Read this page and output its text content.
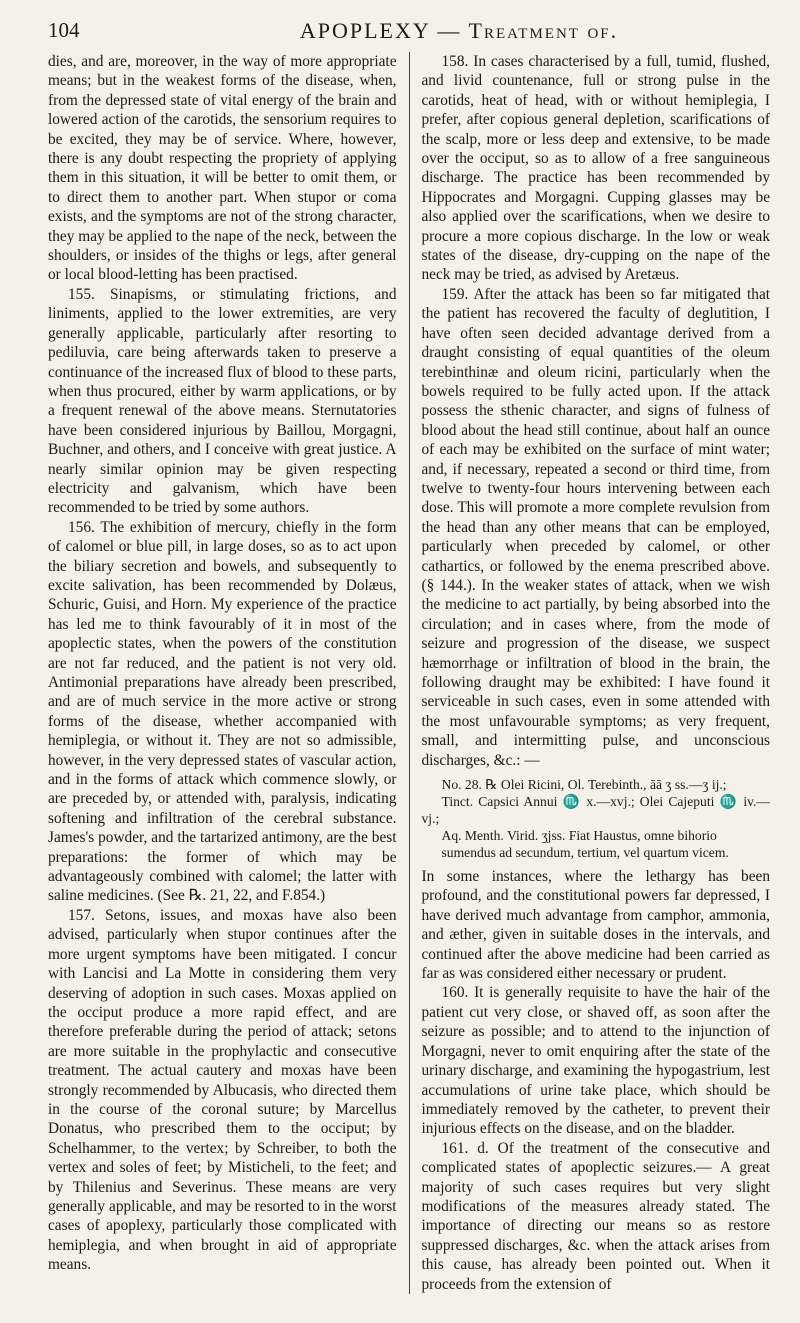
104	APOPLEXY — Treatment of.

dies, and are, moreover, in the way of more appropriate means; but in the weakest forms of the disease, when, from the depressed state of vital energy of the brain and lowered action of the carotids, the sensorium requires to be excited, they may be of service. Where, however, there is any doubt respecting the propriety of applying them in this situation, it will be better to omit them, or to direct them to another part. When stupor or coma exists, and the symptoms are not of the strong character, they may be applied to the nape of the neck, between the shoulders, or insides of the thighs or legs, after general or local blood-letting has been practised.

155. Sinapisms, or stimulating frictions, and liniments, applied to the lower extremities, are very generally applicable, particularly after resorting to pediluvia, care being afterwards taken to preserve a continuance of the increased flux of blood to these parts, when thus procured, either by warm applications, or by a frequent renewal of the above means. Sternutatories have been considered injurious by Baillou, Morgagni, Buchner, and others, and I conceive with great justice. A nearly similar opinion may be given respecting electricity and galvanism, which have been recommended to be tried by some authors.

156. The exhibition of mercury, chiefly in the form of calomel or blue pill, in large doses, so as to act upon the biliary secretion and bowels, and subsequently to excite salivation, has been recommended by Dolæus, Schuric, Guisi, and Horn. My experience of the practice has led me to think favourably of it in most of the apoplectic states, when the powers of the constitution are not far reduced, and the patient is not very old. Antimonial preparations have already been prescribed, and are of much service in the more active or strong forms of the disease, whether accompanied with hemiplegia, or without it. They are not so admissible, however, in the very depressed states of vascular action, and in the forms of attack which commence slowly, or are preceded by, or attended with, paralysis, indicating softening and infiltration of the cerebral substance. James's powder, and the tartarized antimony, are the best preparations: the former of which may be advantageously combined with calomel; the latter with saline medicines. (See ℞. 21, 22, and F.854.)

157. Setons, issues, and moxas have also been advised, particularly when stupor continues after the more urgent symptoms have been mitigated. I concur with Lancisi and La Motte in considering them very deserving of adoption in such cases. Moxas applied on the occiput produce a more rapid effect, and are therefore preferable during the period of attack; setons are more suitable in the prophylactic and consecutive treatment. The actual cautery and moxas have been strongly recommended by Albucasis, who directed them in the course of the coronal suture; by Marcellus Donatus, who prescribed them to the occiput; by Schelhammer, to the vertex; by Schreiber, to both the vertex and soles of feet; by Misticheli, to the feet; and by Thilenius and Severinus. These means are very generally applicable, and may be resorted to in the worst cases of apoplexy, particularly those complicated with hemiplegia, and when brought in aid of appropriate means.

158. In cases characterised by a full, tumid, flushed, and livid countenance, full or strong pulse in the carotids, heat of head, with or without hemiplegia, I prefer, after copious general depletion, scarifications of the scalp, more or less deep and extensive, to be made over the occiput, so as to allow of a free sanguineous discharge. The practice has been recommended by Hippocrates and Morgagni. Cupping glasses may be also applied over the scarifications, when we desire to procure a more copious discharge. In the low or weak states of the disease, dry-cupping on the nape of the neck may be tried, as advised by Aretæus.

159. After the attack has been so far mitigated that the patient has recovered the faculty of deglutition, I have often seen decided advantage derived from a draught consisting of equal quantities of the oleum terebinthinæ and oleum ricini, particularly when the bowels required to be fully acted upon. If the attack possess the sthenic character, and signs of fulness of blood about the head still continue, about half an ounce of each may be exhibited on the surface of mint water; and, if necessary, repeated a second or third time, from twelve to twenty-four hours intervening between each dose. This will promote a more complete revulsion from the head than any other means that can be employed, particularly when preceded by calomel, or other cathartics, or followed by the enema prescribed above. (§ 144.). In the weaker states of attack, when we wish the medicine to act partially, by being absorbed into the circulation; and in cases where, from the mode of seizure and progression of the disease, we suspect hæmorrhage or infiltration of blood in the brain, the following draught may be exhibited: I have found it serviceable in such cases, even in some attended with the most unfavourable symptoms; as very frequent, small, and intermitting pulse, and unconscious discharges, &c.: —

No. 28. ℞ Olei Ricini, Ol. Terebinth., āā ʒ ss.—ʒ ij.;
Tinct. Capsici Annui ♏ x.—xvj.; Olei Cajeputi ♏ iv.—vj.;
Aq. Menth. Virid. ʒjss. Fiat Haustus, omne bihorio
sumendus ad secundum, tertium, vel quartum vicem.

In some instances, where the lethargy has been profound, and the constitutional powers far depressed, I have derived much advantage from camphor, ammonia, and æther, given in suitable doses in the intervals, and continued after the above medicine had been carried as far as was considered either necessary or prudent.

160. It is generally requisite to have the hair of the patient cut very close, or shaved off, as soon after the seizure as possible; and to attend to the injunction of Morgagni, never to omit enquiring after the state of the urinary discharge, and examining the hypogastrium, lest accumulations of urine take place, which should be immediately removed by the catheter, to prevent their injurious effects on the disease, and on the bladder.

161. d. Of the treatment of the consecutive and complicated states of apoplectic seizures.— A great majority of such cases requires but very slight modifications of the measures already stated. The importance of directing our means so as restore suppressed discharges, &c. when the attack arises from this cause, has already been pointed out. When it proceeds from the extension of
